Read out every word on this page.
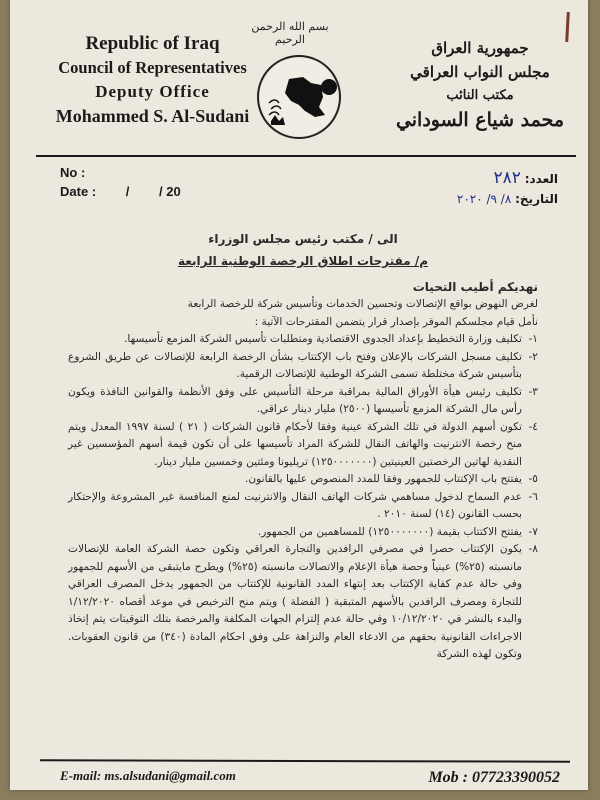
Republic of Iraq
Council of Representatives
Deputy Office
Mohammed S. Al-Sudani
بسم الله الرحمن الرحيم	جمهورية العراق
مجلس النواب العراقي
مكتب النائب
محمد شياع السوداني
No :
Date : / / 20
العدد: ٢٨٢
التاريخ: ٨/ ٩/ ٢٠٢٠
الى / مكتب رئيس مجلس الوزراء
م/ مقترحات اطلاق الرخصة الوطنية الرابعة
نهديكم أطيب التحيات

لغرض النهوض بواقع الإتصالات وتحسين الخدمات وتأسيس شركة للرخصة الرابعة

نأمل قيام مجلسكم الموقر بإصدار قرار يتضمن المقترحات الآتية :

١-
تكليف وزارة التخطيط بإعداد الجدوى الاقتصادية ومتطلبات تأسيس الشركة المزمع تأسيسها.
٢-
تكليف مسجل الشركات بالإعلان وفتح باب الإكتتاب بشأن الرخصة الرابعة للإتصالات عن طريق الشروع بتأسيس شركة مختلطة تسمى الشركة الوطنية للإتصالات الرقمية.
٣-
تكليف رئيس هيأة الأوراق المالية بمراقبة مرحلة التأسيس على وفق الأنظمة والقوانين النافذة ويكون رأس مال الشركة المزمع تأسيسها (٢٥٠٠) مليار دينار عراقي.
٤-
تكون أسهم الدولة في تلك الشركة عينية وفقا لأحكام قانون الشركات ( ٢١ ) لسنة ١٩٩٧ المعدل ويتم منح رخصة الانترنيت والهاتف النقال للشركة المراد تأسيسها على أن تكون قيمة أسهم المؤسسين غير النقدية لهاتين الرخصتين العينيتين (١٢٥٠٠٠٠٠٠٠) تريليونا ومئتين وخمسين مليار دينار.
٥-
يفتتح باب الإكتتاب للجمهور وفقا للمدد المنصوص عليها بالقانون.
٦-
عدم السماح لدخول مساهمي شركات الهاتف النقال والانترنيت لمنع المنافسة غير المشروعة والإحتكار بحسب القانون (١٤) لسنة ٢٠١٠ .
٧-
يفتتح الاكتتاب بقيمة (١٢٥٠٠٠٠٠٠٠) للمساهمين من الجمهور.
٨-
يكون الإكتتاب حصرا في مصرفي الرافدين والتجارة العراقي وتكون حصة الشركة العامة للإتصالات مانسبته (٢٥%) عينياً وحصة هيأة الإعلام والاتصالات مانسبته (٢٥%) ويطرح مايتبقى من الأسهم للجمهور وفي حالة عدم كفاية الإكتتاب بعد إنتهاء المدد القانونية للإكتتاب من الجمهور يدخل المصرف العراقي للتجارة ومصرف الرافدين بالأسهم المتبقية ( الفضلة ) ويتم منح الترخيص في موعد أقصاه ١/١٢/٢٠٢٠ والبدء بالنشر في ١٠/١٢/٢٠٢٠ وفي حالة عدم إلتزام الجهات المكلفة والمرخصة بتلك التوقيتات يتم إتخاذ الاجراءات القانونية بحقهم من الادعاء العام والنزاهة على وفق احكام المادة (٣٤٠) من قانون العقوبات. وتكون لهذه الشركة
E-mail: ms.alsudani@gmail.com	Mob : 07723390052
